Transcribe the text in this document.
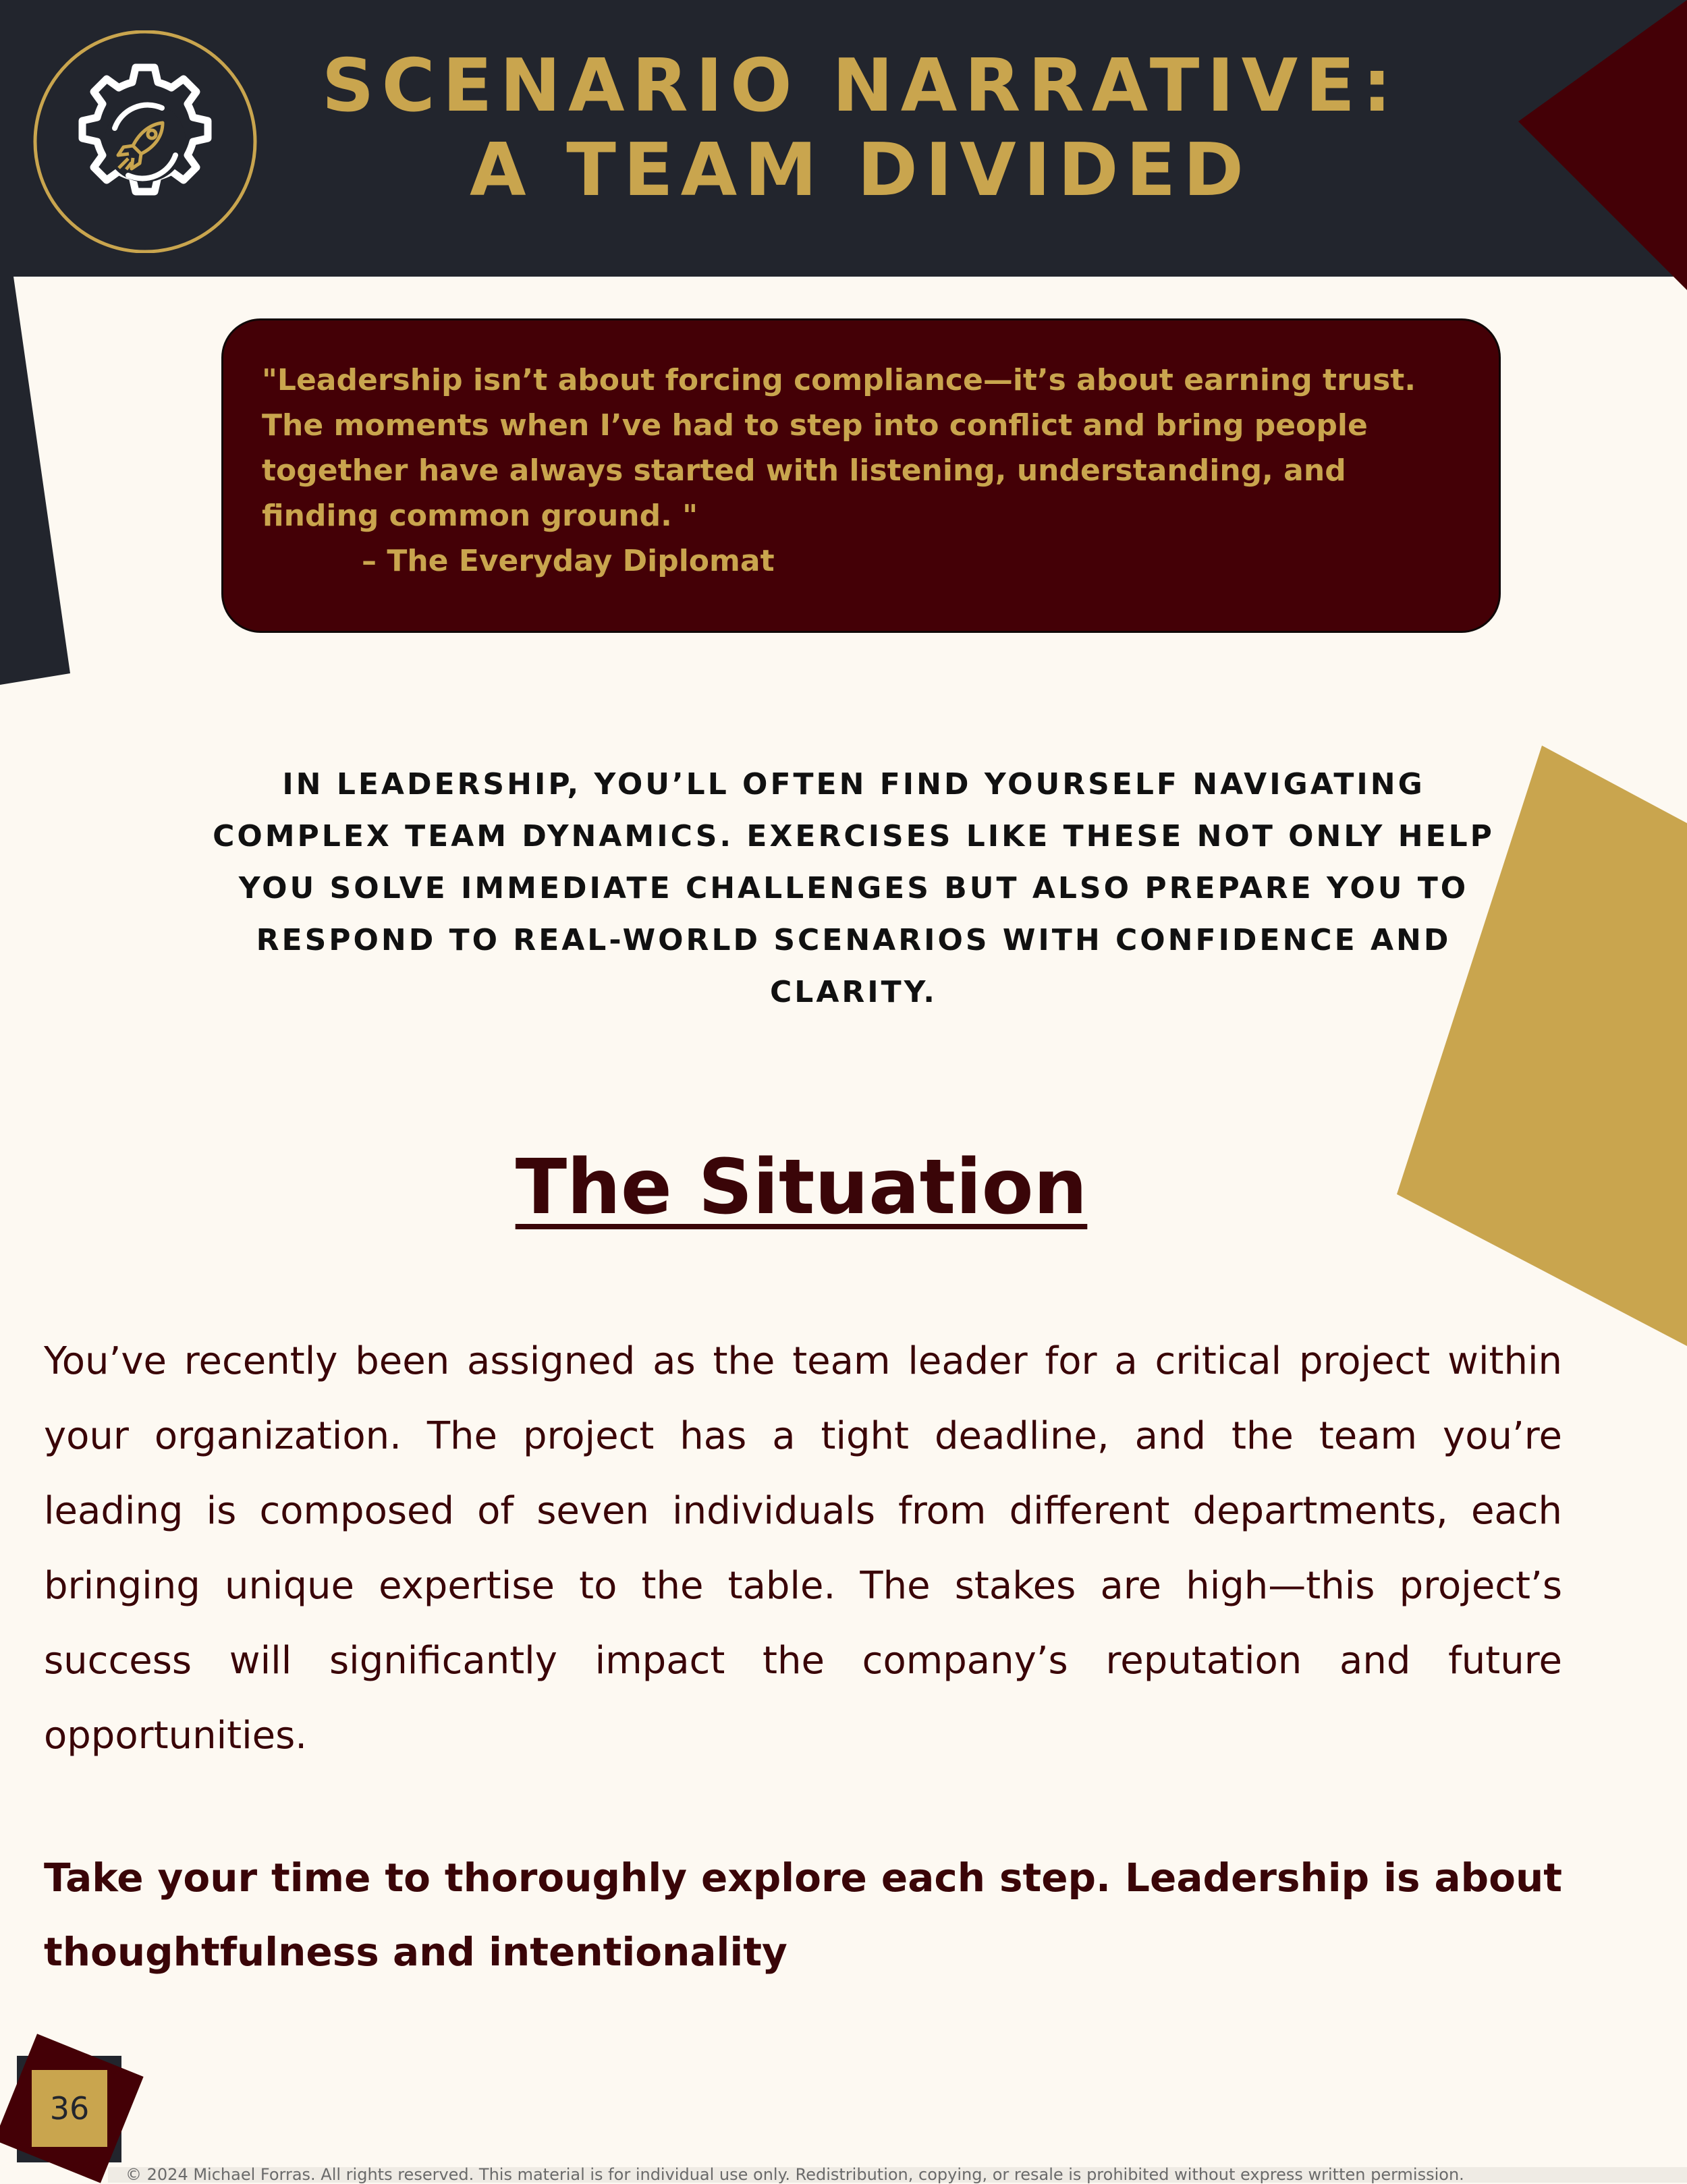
SCENARIO NARRATIVE:
A TEAM DIVIDED

"Leadership isn’t about forcing compliance—it’s about earning trust. The moments when I’ve had to step into conflict and bring people together have always started with listening, understanding, and finding common ground. "

– The Everyday Diplomat

IN LEADERSHIP, YOU’LL OFTEN FIND YOURSELF NAVIGATING COMPLEX TEAM DYNAMICS. EXERCISES LIKE THESE NOT ONLY HELP YOU SOLVE IMMEDIATE CHALLENGES BUT ALSO PREPARE YOU TO RESPOND TO REAL-WORLD SCENARIOS WITH CONFIDENCE AND CLARITY.

The Situation

You’ve recently been assigned as the team leader for a critical project within your organization. The project has a tight deadline, and the team you’re leading is composed of seven individuals from different departments, each bringing unique expertise to the table. The stakes are high—this project’s success will significantly impact the company’s reputation and future opportunities.

Take your time to thoroughly explore each step. Leadership is about thoughtfulness and intentionality

36

© 2024 Michael Forras. All rights reserved. This material is for individual use only. Redistribution, copying, or resale is prohibited without express written permission.
